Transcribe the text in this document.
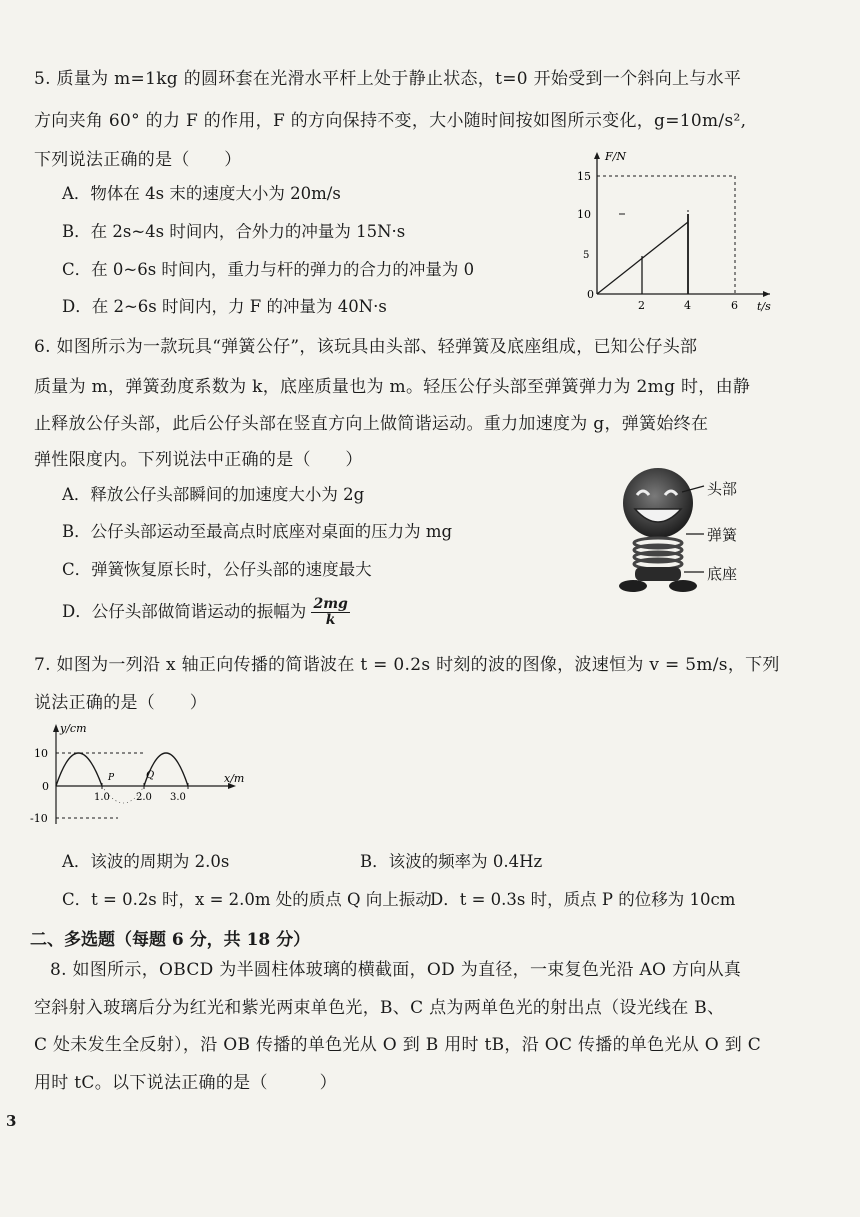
5. 质量为 m=1kg 的圆环套在光滑水平杆上处于静止状态，t=0 开始受到一个斜向上与水平
方向夹角 60° 的力 F 的作用，F 的方向保持不变，大小随时间按如图所示变化，g=10m/s²,
下列说法正确的是（　　）
A．物体在 4s 末的速度大小为 20m/s
B．在 2s~4s 时间内，合外力的冲量为 15N·s
C．在 0~6s 时间内，重力与杆的弹力的合力的冲量为 0
D．在 2~6s 时间内，力 F 的冲量为 40N·s
F/N
t/s
15
10
5
0
2	4	6
6. 如图所示为一款玩具“弹簧公仔”，该玩具由头部、轻弹簧及底座组成，已知公仔头部
质量为 m，弹簧劲度系数为 k，底座质量也为 m。轻压公仔头部至弹簧弹力为 2mg 时，由静
止释放公仔头部，此后公仔头部在竖直方向上做简谐运动。重力加速度为 g，弹簧始终在
弹性限度内。下列说法中正确的是（　　）
A．释放公仔头部瞬间的加速度大小为 2g
B．公仔头部运动至最高点时底座对桌面的压力为 mg
C．弹簧恢复原长时，公仔头部的速度最大
D．公仔头部做简谐运动的振幅为 $\frac{2mg}{k}$
头部
弹簧
底座
7. 如图为一列沿 x 轴正向传播的简谐波在 t = 0.2s 时刻的波的图像，波速恒为 v = 5m/s，下列
说法正确的是（　　）
y/cm
x/m
10
0
-10
1.0	2.0 3.0
P	Q
A．该波的周期为 2.0s	B．该波的频率为 0.4Hz
C．t = 0.2s 时，x = 2.0m 处的质点 Q 向上振动
D．t = 0.3s 时，质点 P 的位移为 10cm
二、多选题（每题 6 分，共 18 分）
8. 如图所示，OBCD 为半圆柱体玻璃的横截面，OD 为直径，一束复色光沿 AO 方向从真
空斜射入玻璃后分为红光和紫光两束单色光，B、C 点为两单色光的射出点（设光线在 B、
C 处未发生全反射），沿 OB 传播的单色光从 O 到 B 用时 tB，沿 OC 传播的单色光从 O 到 C
用时 tC。以下说法正确的是（　　　）
3
